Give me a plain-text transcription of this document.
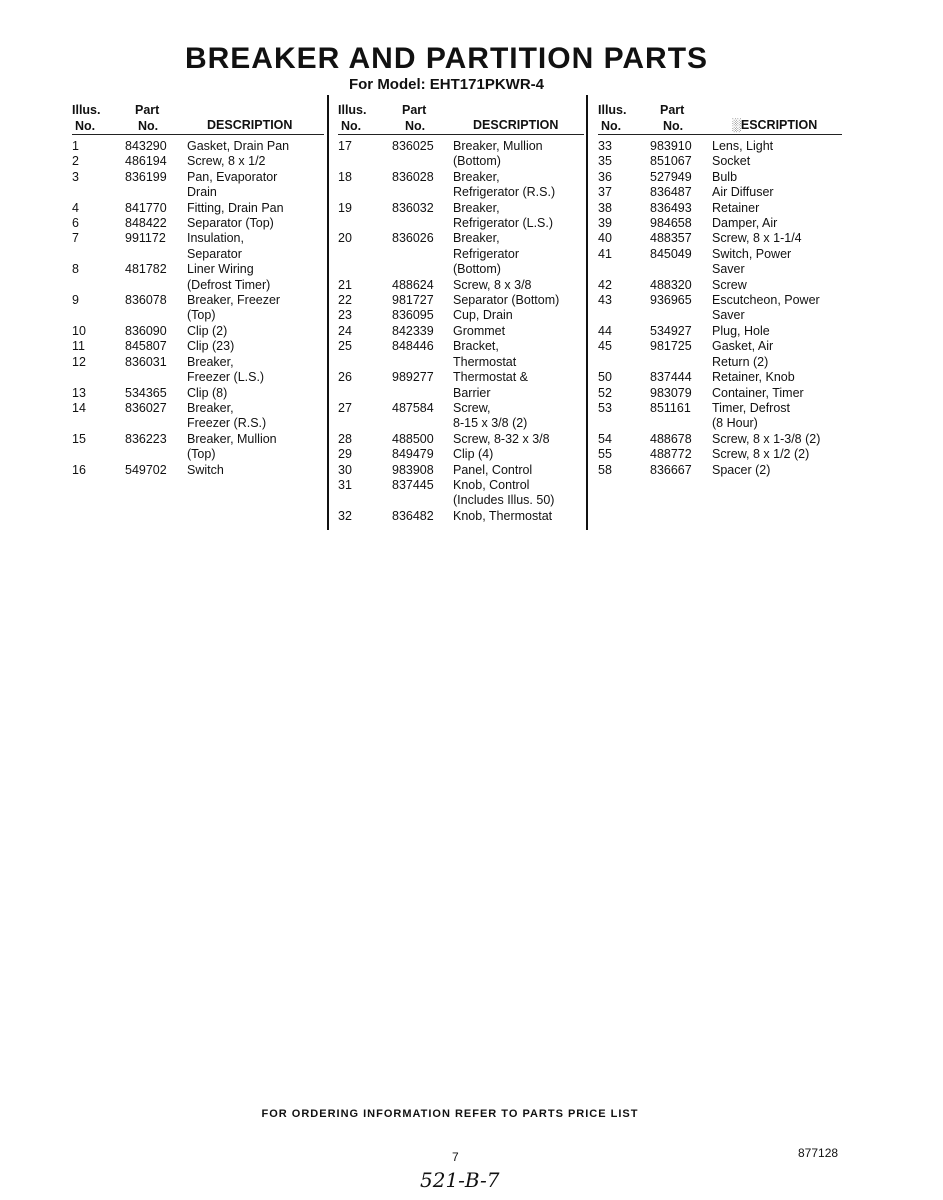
BREAKER AND PARTITION PARTS
For Model: EHT171PKWR-4
Illus.
No.
Part
No.	DESCRIPTION
1	843290	Gasket, Drain Pan
2	486194	Screw, 8 x 1/2
3	836199	Pan, Evaporator
Drain
4	841770	Fitting, Drain Pan
6	848422	Separator (Top)
7	991172	Insulation,
Separator
8	481782	Liner Wiring
(Defrost Timer)
9	836078	Breaker, Freezer
(Top)
10	836090	Clip (2)
11	845807	Clip (23)
12	836031	Breaker,
Freezer (L.S.)
13	534365	Clip (8)
14	836027	Breaker,
Freezer (R.S.)
15	836223	Breaker, Mullion
(Top)
16	549702	Switch
Illus.
No.
Part
No.	DESCRIPTION
17	836025	Breaker, Mullion
(Bottom)
18	836028	Breaker,
Refrigerator (R.S.)
19	836032	Breaker,
Refrigerator (L.S.)
20	836026	Breaker,
Refrigerator
(Bottom)
21	488624	Screw, 8 x 3/8
22	981727	Separator (Bottom)
23	836095	Cup, Drain
24	842339	Grommet
25	848446	Bracket,
Thermostat
26	989277	Thermostat &
Barrier
27	487584	Screw,
8-15 x 3/8 (2)
28	488500	Screw, 8-32 x 3/8
29	849479	Clip (4)
30	983908	Panel, Control
31	837445	Knob, Control
(Includes Illus. 50)
32	836482	Knob, Thermostat
Illus.
No.
Part
No.	░ESCRIPTION
33	983910	Lens, Light
35	851067	Socket
36	527949	Bulb
37	836487	Air Diffuser
38	836493	Retainer
39	984658	Damper, Air
40	488357	Screw, 8 x 1-1/4
41	845049	Switch, Power
Saver
42	488320	Screw
43	936965	Escutcheon, Power
Saver
44	534927	Plug, Hole
45	981725	Gasket, Air
Return (2)
50	837444	Retainer, Knob
52	983079	Container, Timer
53	851161	Timer, Defrost
(8 Hour)
54	488678	Screw, 8 x 1-3/8 (2)
55	488772	Screw, 8 x 1/2 (2)
58	836667	Spacer (2)
FOR ORDERING INFORMATION REFER TO PARTS PRICE LIST
7	877128
521-B-7
